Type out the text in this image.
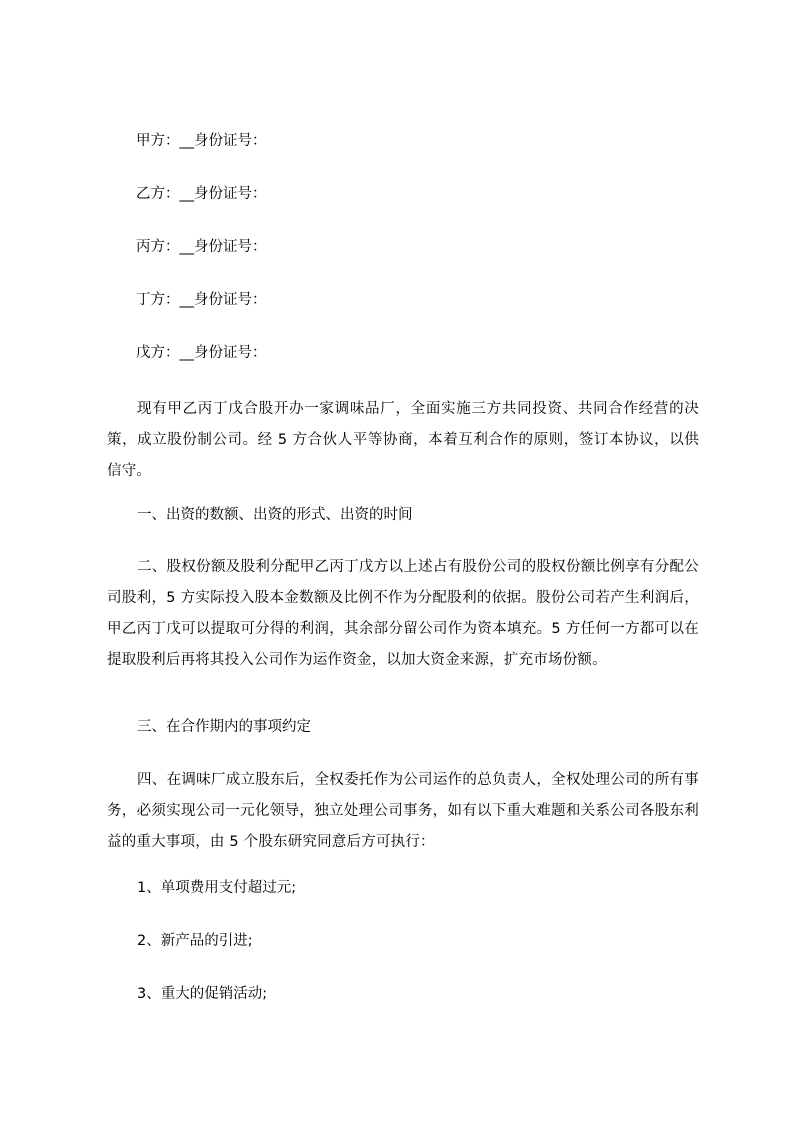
甲方：__身份证号：
乙方：__身份证号：
丙方：__身份证号：
丁方：__身份证号：
戊方：__身份证号：
现有甲乙丙丁戊合股开办一家调味品厂，全面实施三方共同投资、共同合作经营的决策，成立股份制公司。经 5 方合伙人平等协商，本着互利合作的原则，签订本协议，以供信守。
一、出资的数额、出资的形式、出资的时间
二、股权份额及股利分配甲乙丙丁戊方以上述占有股份公司的股权份额比例享有分配公司股利，5 方实际投入股本金数额及比例不作为分配股利的依据。股份公司若产生利润后，甲乙丙丁戊可以提取可分得的利润，其余部分留公司作为资本填充。5 方任何一方都可以在提取股利后再将其投入公司作为运作资金，以加大资金来源，扩充市场份额。
三、在合作期内的事项约定
四、在调味厂成立股东后，全权委托作为公司运作的总负责人，全权处理公司的所有事务，必须实现公司一元化领导，独立处理公司事务，如有以下重大难题和关系公司各股东利益的重大事项，由 5 个股东研究同意后方可执行：
1、单项费用支付超过元;
2、新产品的引进;
3、重大的促销活动;
